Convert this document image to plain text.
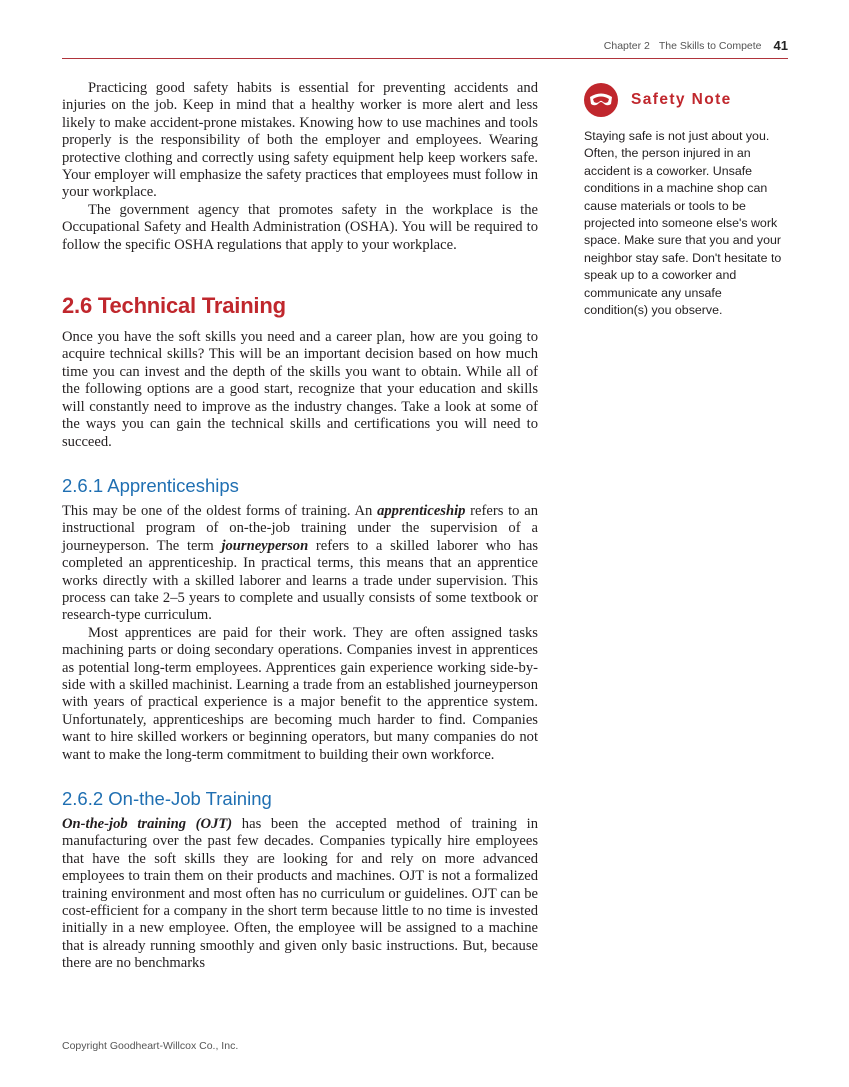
Chapter 2 The Skills to Compete 41

Practicing good safety habits is essential for preventing accidents and injuries on the job. Keep in mind that a healthy worker is more alert and less likely to make accident-prone mistakes. Knowing how to use machines and tools properly is the responsibility of both the employer and employees. Wearing protective clothing and correctly using safety equipment help keep workers safe. Your employer will emphasize the safety practices that employees must follow in your workplace.

The government agency that promotes safety in the workplace is the Occupational Safety and Health Administration (OSHA). You will be required to follow the specific OSHA regulations that apply to your workplace.

2.6 Technical Training

Once you have the soft skills you need and a career plan, how are you going to acquire technical skills? This will be an important decision based on how much time you can invest and the depth of the skills you want to obtain. While all of the following options are a good start, recognize that your education and skills will constantly need to improve as the industry changes. Take a look at some of the ways you can gain the technical skills and certifications you will need to succeed.

2.6.1 Apprenticeships

This may be one of the oldest forms of training. An apprenticeship refers to an instructional program of on-the-job training under the supervision of a journeyperson. The term journeyperson refers to a skilled laborer who has completed an apprenticeship. In practical terms, this means that an apprentice works directly with a skilled laborer and learns a trade under supervision. This process can take 2–5 years to complete and usually consists of some textbook or research-type curriculum.

Most apprentices are paid for their work. They are often assigned tasks machining parts or doing secondary operations. Companies invest in apprentices as potential long-term employees. Apprentices gain experience working side-by-side with a skilled machinist. Learning a trade from an established journeyperson with years of practical experience is a major benefit to the apprentice system. Unfortunately, apprenticeships are becoming much harder to find. Companies want to hire skilled workers or beginning operators, but many companies do not want to make the long-term commitment to building their own workforce.

2.6.2 On-the-Job Training

On-the-job training (OJT) has been the accepted method of training in manufacturing over the past few decades. Companies typically hire employees that have the soft skills they are looking for and rely on more advanced employees to train them on their products and machines. OJT is not a formalized training environment and most often has no curriculum or guidelines. OJT can be cost-efficient for a company in the short term because little to no time is invested initially in a new employee. Often, the employee will be assigned to a machine that is already running smoothly and given only basic instructions. But, because there are no benchmarks

Safety Note

Staying safe is not just about you. Often, the person injured in an accident is a coworker. Unsafe conditions in a machine shop can cause materials or tools to be projected into someone else's work space. Make sure that you and your neighbor stay safe. Don't hesitate to speak up to a coworker and communicate any unsafe condition(s) you observe.

Copyright Goodheart-Willcox Co., Inc.
